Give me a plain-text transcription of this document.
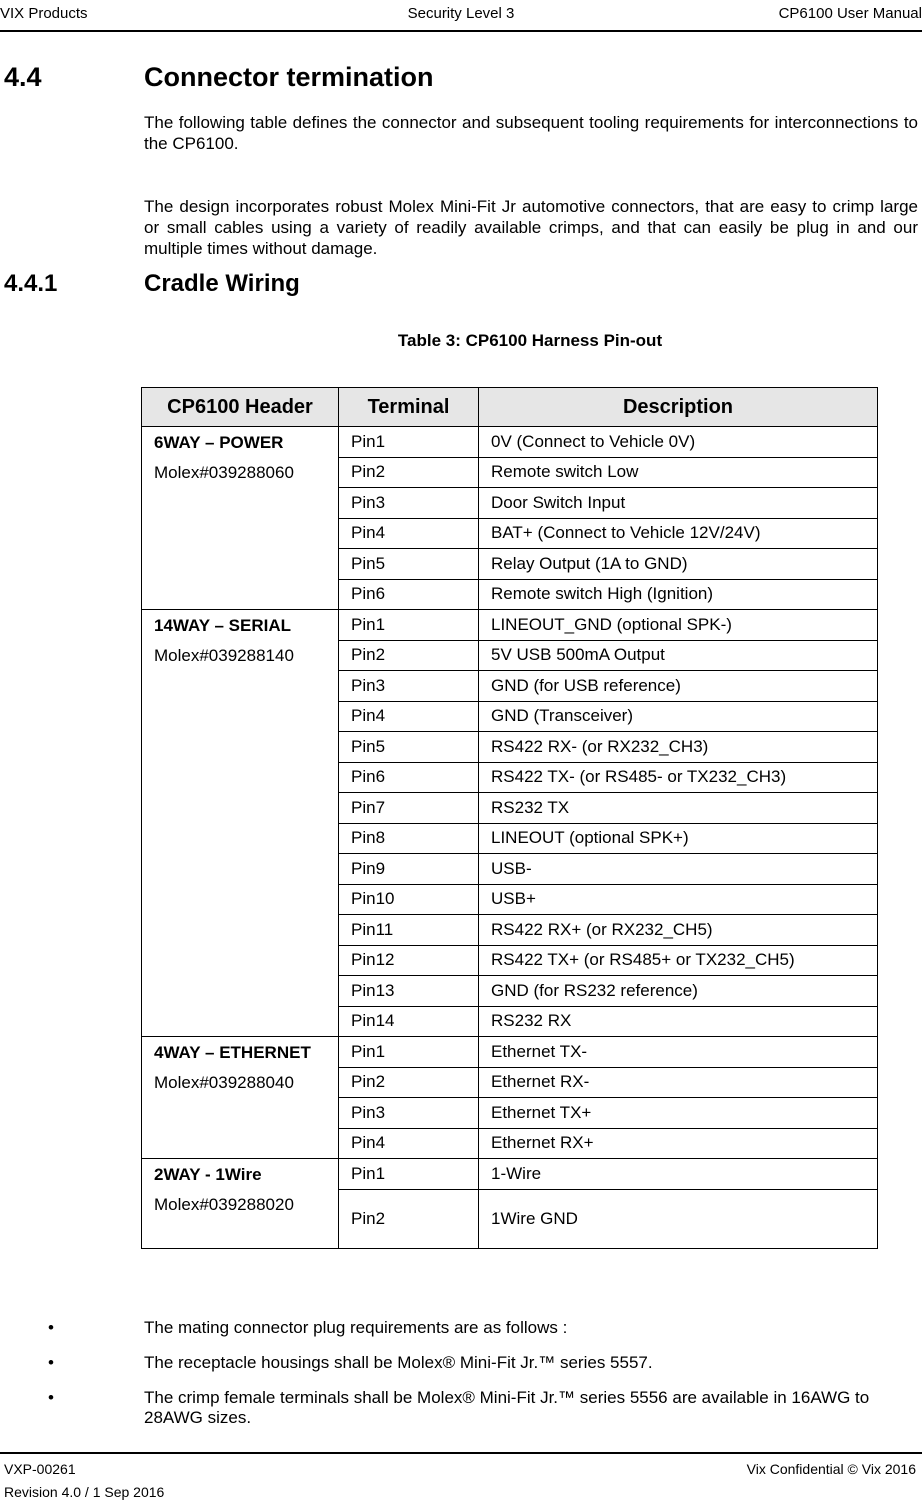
Security Level 3
VIX Products	CP6100 User Manual
4.4	Connector termination
The following table defines the connector and subsequent tooling requirements for interconnections to the CP6100.
The design incorporates robust Molex Mini-Fit Jr automotive connectors, that are easy to crimp large or small cables using a variety of readily available crimps, and that can easily be plug in and our multiple times without damage.
4.4.1	Cradle Wiring
Table 3: CP6100 Harness Pin-out
CP6100 Header	Terminal	Description

6WAY – POWER
Molex#039288060	Pin1	0V (Connect to Vehicle 0V)
	Pin2	Remote switch Low
	Pin3	Door Switch Input
	Pin4	BAT+ (Connect to Vehicle 12V/24V)
	Pin5	Relay Output (1A to GND)
	Pin6	Remote switch High (Ignition)

14WAY – SERIAL
Molex#039288140	Pin1	LINEOUT_GND (optional SPK-)
	Pin2	5V USB 500mA Output
	Pin3	GND (for USB reference)
	Pin4	GND (Transceiver)
	Pin5	RS422 RX- (or RX232_CH3)
	Pin6	RS422 TX- (or RS485- or TX232_CH3)
	Pin7	RS232 TX
	Pin8	LINEOUT (optional SPK+)
	Pin9	USB-
	Pin10	USB+
	Pin11	RS422 RX+ (or RX232_CH5)
	Pin12	RS422 TX+ (or RS485+ or TX232_CH5)
	Pin13	GND (for RS232 reference)
	Pin14	RS232 RX

4WAY – ETHERNET
Molex#039288040	Pin1	Ethernet TX-
	Pin2	Ethernet RX-
	Pin3	Ethernet TX+
	Pin4	Ethernet RX+

2WAY - 1Wire
Molex#039288020	Pin1	1-Wire
	Pin2	1Wire GND
•	The mating connector plug requirements are as follows :
•	The receptacle housings shall be Molex® Mini-Fit Jr.™ series 5557.
•	The crimp female terminals shall be Molex® Mini-Fit Jr.™ series 5556 are available in 16AWG to 28AWG sizes.
VXP-00261
Revision 4.0 / 1 Sep 2016
Vix Confidential © Vix 2016
